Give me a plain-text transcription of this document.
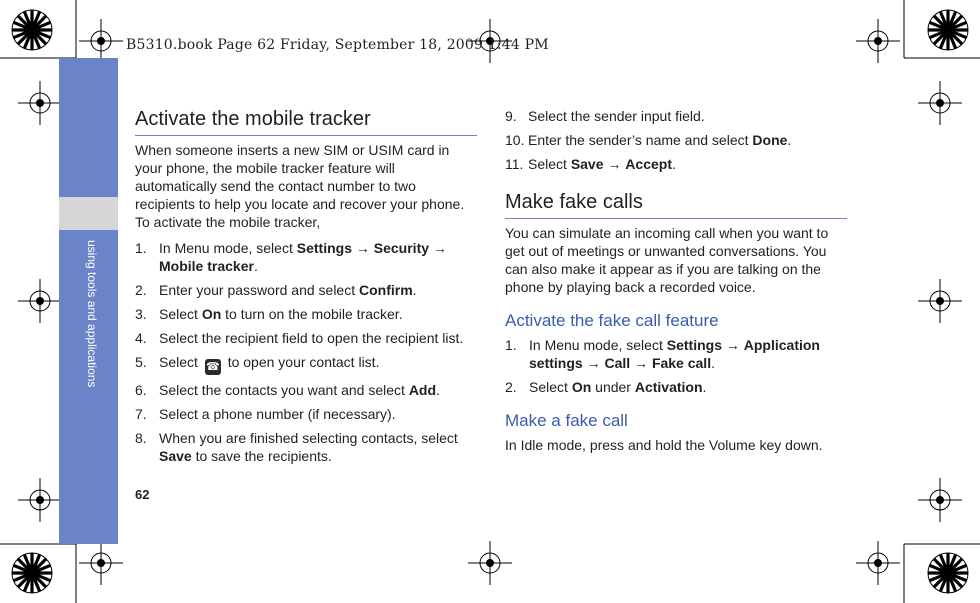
B5310.book Page 62 Friday, September 18, 2009 1:44 PM
using tools and applications
62
Activate the mobile tracker

When someone inserts a new SIM or USIM card in your phone, the mobile tracker feature will automatically send the contact number to two recipients to help you locate and recover your phone. To activate the mobile tracker,

1. In Menu mode, select Settings → Security → Mobile tracker.
2. Enter your password and select Confirm.
3. Select On to turn on the mobile tracker.
4. Select the recipient field to open the recipient list.
5. Select ☎ to open your contact list.
6. Select the contacts you want and select Add.
7. Select a phone number (if necessary).
8. When you are finished selecting contacts, select Save to save the recipients.
9. Select the sender input field.
10. Enter the sender’s name and select Done.
11. Select Save → Accept.
Make fake calls

You can simulate an incoming call when you want to get out of meetings or unwanted conversations. You can also make it appear as if you are talking on the phone by playing back a recorded voice.

Activate the fake call feature
1. In Menu mode, select Settings → Application settings → Call → Fake call.
2. Select On under Activation.
Make a fake call

In Idle mode, press and hold the Volume key down.
